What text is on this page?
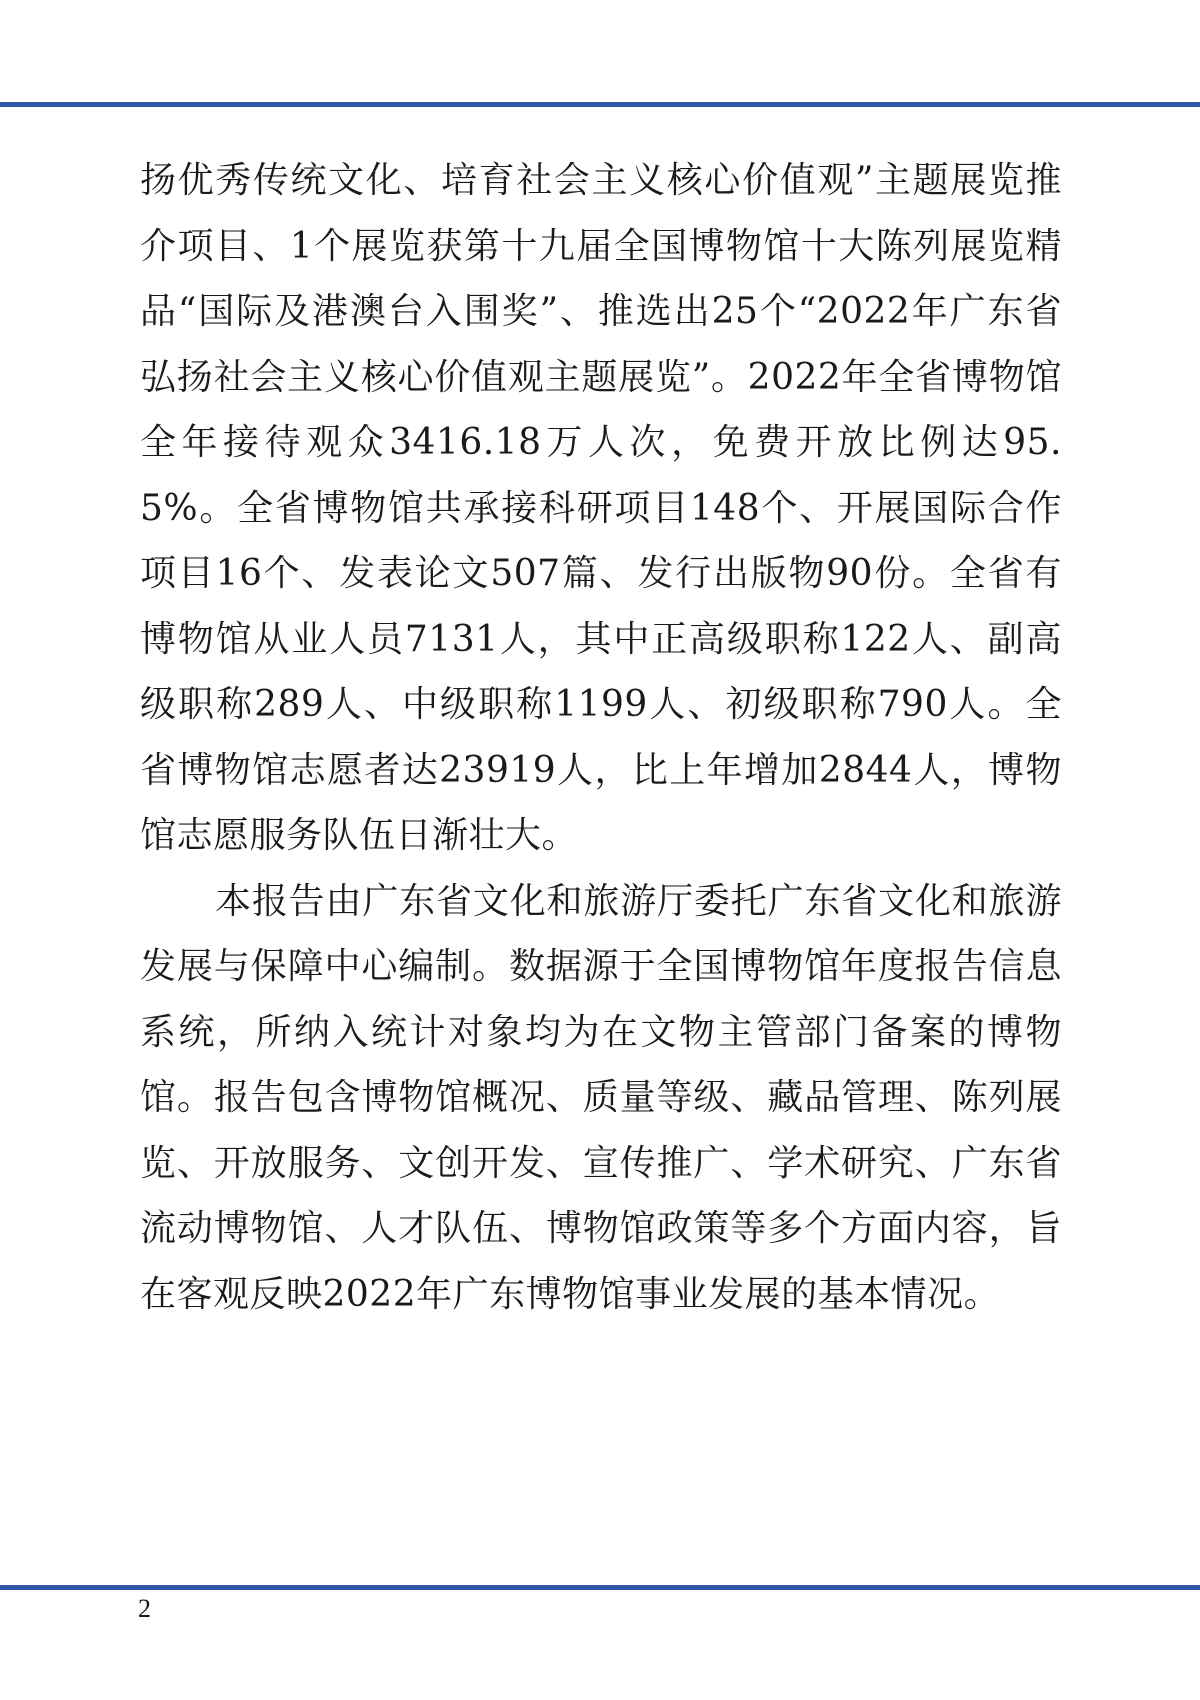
扬优秀传统文化、培育社会主义核心价值观”主题展览推介项目、1个展览获第十九届全国博物馆十大陈列展览精品“国际及港澳台入围奖”、推选出25个“2022年广东省弘扬社会主义核心价值观主题展览”。2022年全省博物馆全年接待观众3416.18万人次，免费开放比例达95.5%。全省博物馆共承接科研项目148个、开展国际合作项目16个、发表论文507篇、发行出版物90份。全省有博物馆从业人员7131人，其中正高级职称122人、副高级职称289人、中级职称1199人、初级职称790人。全省博物馆志愿者达23919人，比上年增加2844人，博物馆志愿服务队伍日渐壮大。

本报告由广东省文化和旅游厅委托广东省文化和旅游发展与保障中心编制。数据源于全国博物馆年度报告信息系统，所纳入统计对象均为在文物主管部门备案的博物馆。报告包含博物馆概况、质量等级、藏品管理、陈列展览、开放服务、文创开发、宣传推广、学术研究、广东省流动博物馆、人才队伍、博物馆政策等多个方面内容，旨在客观反映2022年广东博物馆事业发展的基本情况。

2
